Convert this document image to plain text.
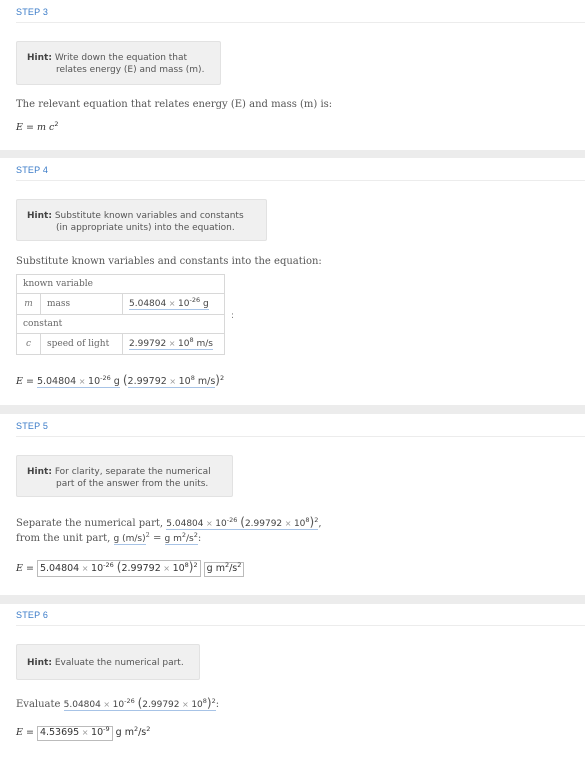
STEP 3
Hint: Write down the equation that
relates energy (E) and mass (m).
The relevant equation that relates energy (E) and mass (m) is:
E = m $c^2$
STEP 4
Hint: Substitute known variables and constants
(in appropriate units) into the equation.
Substitute known variables and constants into the equation:
known variable		
m	mass	$5.04804 \times 10^{-26}$ g
constant		
c	speed of light	$2.99792 \times 10^8$ m/s
:
$E = 5.04804 \times 10^{-26}$ g ($2.99792 \times 10^8$ m/s)$^2$
STEP 5
Hint: For clarity, separate the numerical
part of the answer from the units.
Separate the numerical part, $5.04804 \times 10^{-26}$ $(2.99792 \times 10^8)^2$,
from the unit part, g $(m/s)^2 = g$ $m^2/s^2$:
$E = 5.04804 \times 10^{-26}$ $(2.99792 \times 10^8)^2$ g $m^2/s^2$
STEP 6
Hint: Evaluate the numerical part.
Evaluate $5.04804 \times 10^{-26}$ $(2.99792 \times 10^8)^2$:
$E = 4.53695 \times 10^{-9}$ g $m^2/s^2$
